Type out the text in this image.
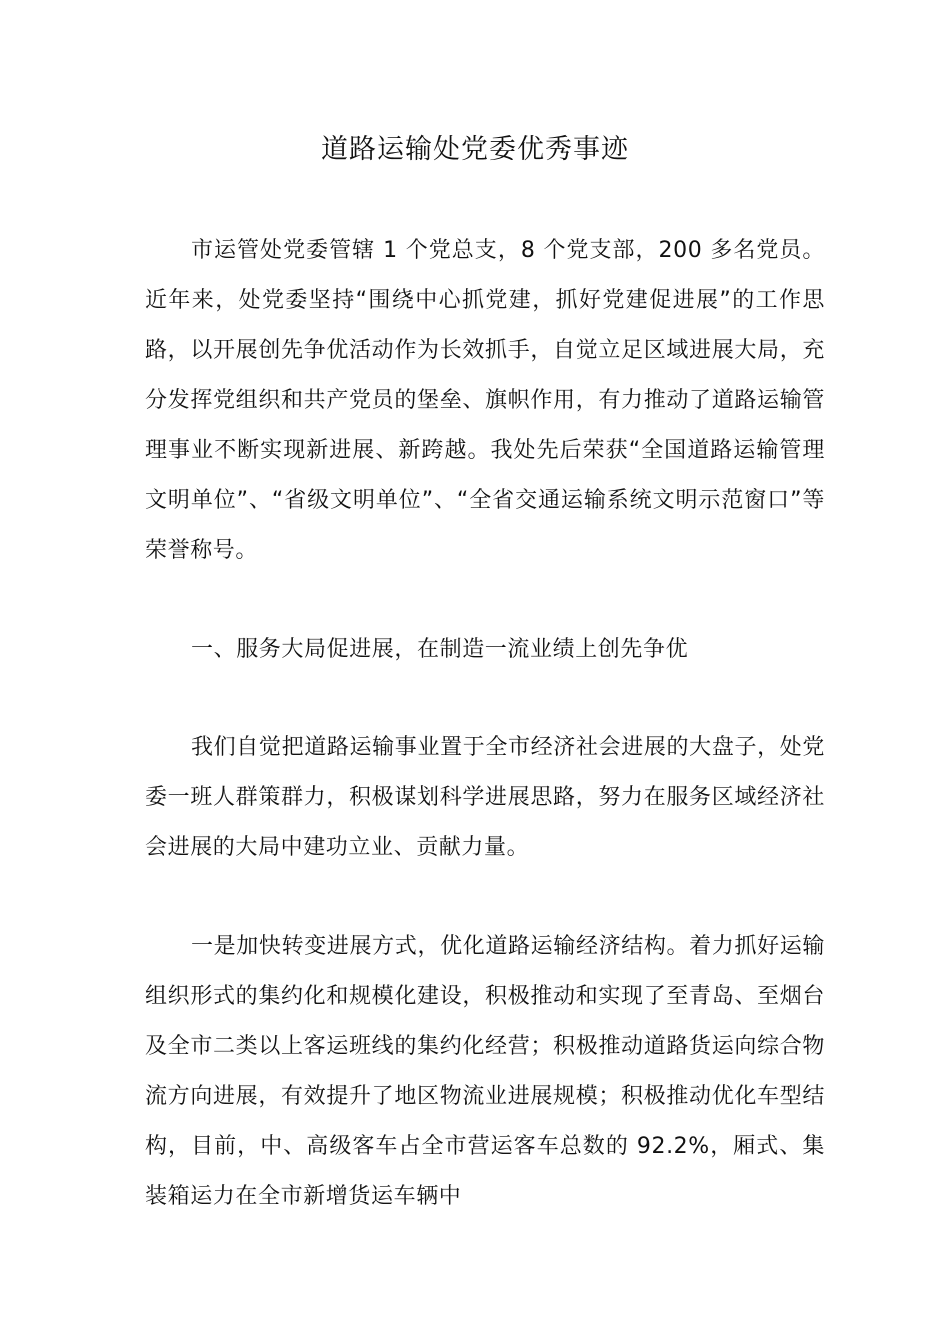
道路运输处党委优秀事迹

市运管处党委管辖 1 个党总支，8 个党支部，200 多名党员。近年来，处党委坚持“围绕中心抓党建，抓好党建促进展”的工作思路，以开展创先争优活动作为长效抓手，自觉立足区域进展大局，充分发挥党组织和共产党员的堡垒、旗帜作用，有力推动了道路运输管理事业不断实现新进展、新跨越。我处先后荣获“全国道路运输管理文明单位”、“省级文明单位”、“全省交通运输系统文明示范窗口”等荣誉称号。

一、服务大局促进展，在制造一流业绩上创先争优

我们自觉把道路运输事业置于全市经济社会进展的大盘子，处党委一班人群策群力，积极谋划科学进展思路，努力在服务区域经济社会进展的大局中建功立业、贡献力量。

一是加快转变进展方式，优化道路运输经济结构。着力抓好运输组织形式的集约化和规模化建设，积极推动和实现了至青岛、至烟台及全市二类以上客运班线的集约化经营；积极推动道路货运向综合物流方向进展，有效提升了地区物流业进展规模；积极推动优化车型结构，目前，中、高级客车占全市营运客车总数的 92.2%，厢式、集装箱运力在全市新增货运车辆中
